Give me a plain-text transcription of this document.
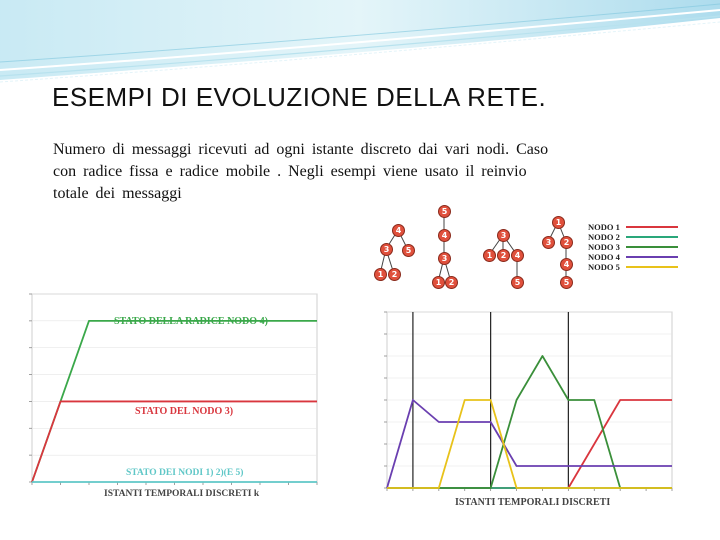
ESEMPI DI EVOLUZIONE DELLA RETE.
Numero di messaggi ricevuti ad ogni istante discreto dai vari nodi. Caso
con radice fissa e radice mobile . Negli esempi viene usato il reinvio
totale dei messaggi
4
3	5
1	2
5
4
3
1 2
3
1	2	4
5
1
3	2
4
5
NODO 1
NODO 2
NODO 3
NODO 4
NODO 5
STATO DELLA RADICE NODO 4)
STATO DEL NODO 3)
STATO DEI NODI 1) 2)(E 5)
ISTANTI TEMPORALI DISCRETI k
ISTANTI TEMPORALI DISCRETI
